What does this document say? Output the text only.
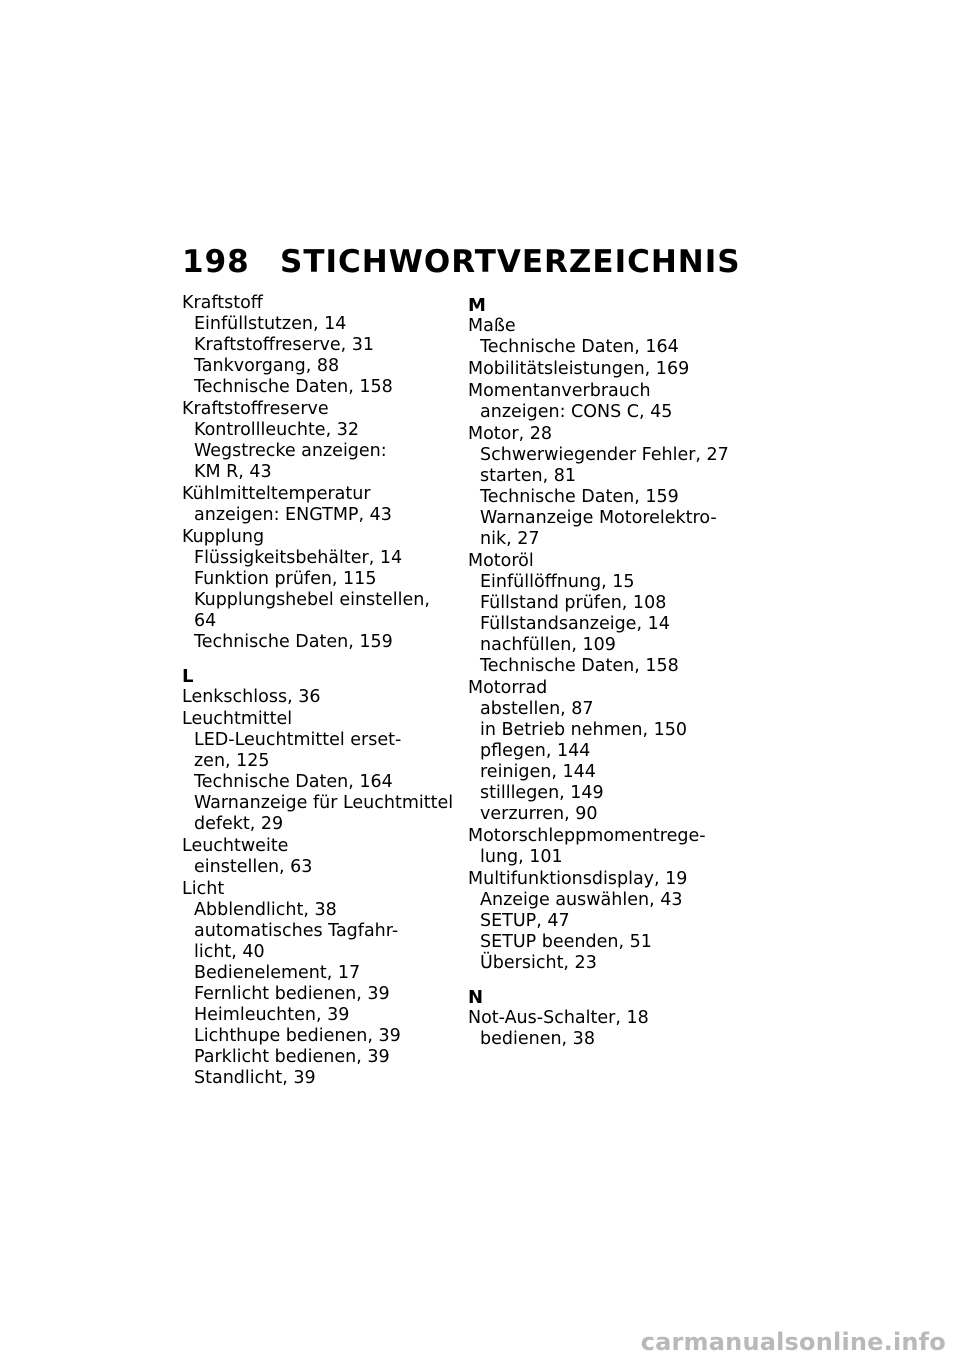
198 STICHWORTVERZEICHNIS
Kraftstoff
Einfüllstutzen, 14
Kraftstoffreserve, 31
Tankvorgang, 88
Technische Daten, 158
Kraftstoffreserve
Kontrollleuchte, 32
Wegstrecke anzeigen:
KM R, 43
Kühlmitteltemperatur
anzeigen: ENGTMP, 43
Kupplung
Flüssigkeitsbehälter, 14
Funktion prüfen, 115
Kupplungshebel einstellen, 64
Technische Daten, 159
L
Lenkschloss, 36
Leuchtmittel
LED-Leuchtmittel erset-
zen, 125
Technische Daten, 164
Warnanzeige für Leuchtmittel
defekt, 29
Leuchtweite
einstellen, 63
Licht
Abblendlicht, 38
automatisches Tagfahr-
licht, 40
Bedienelement, 17
Fernlicht bedienen, 39
Heimleuchten, 39
Lichthupe bedienen, 39
Parklicht bedienen, 39
Standlicht, 39
M
Maße
Technische Daten, 164
Mobilitätsleistungen, 169
Momentanverbrauch
anzeigen: CONS C, 45
Motor, 28
Schwerwiegender Fehler, 27
starten, 81
Technische Daten, 159
Warnanzeige Motorelektro-
nik, 27
Motoröl
Einfüllöffnung, 15
Füllstand prüfen, 108
Füllstandsanzeige, 14
nachfüllen, 109
Technische Daten, 158
Motorrad
abstellen, 87
in Betrieb nehmen, 150
pflegen, 144
reinigen, 144
stilllegen, 149
verzurren, 90
Motorschleppmomentrege-
lung, 101
Multifunktionsdisplay, 19
Anzeige auswählen, 43
SETUP, 47
SETUP beenden, 51
Übersicht, 23
N
Not-Aus-Schalter, 18
bedienen, 38
carmanualsonline.info
